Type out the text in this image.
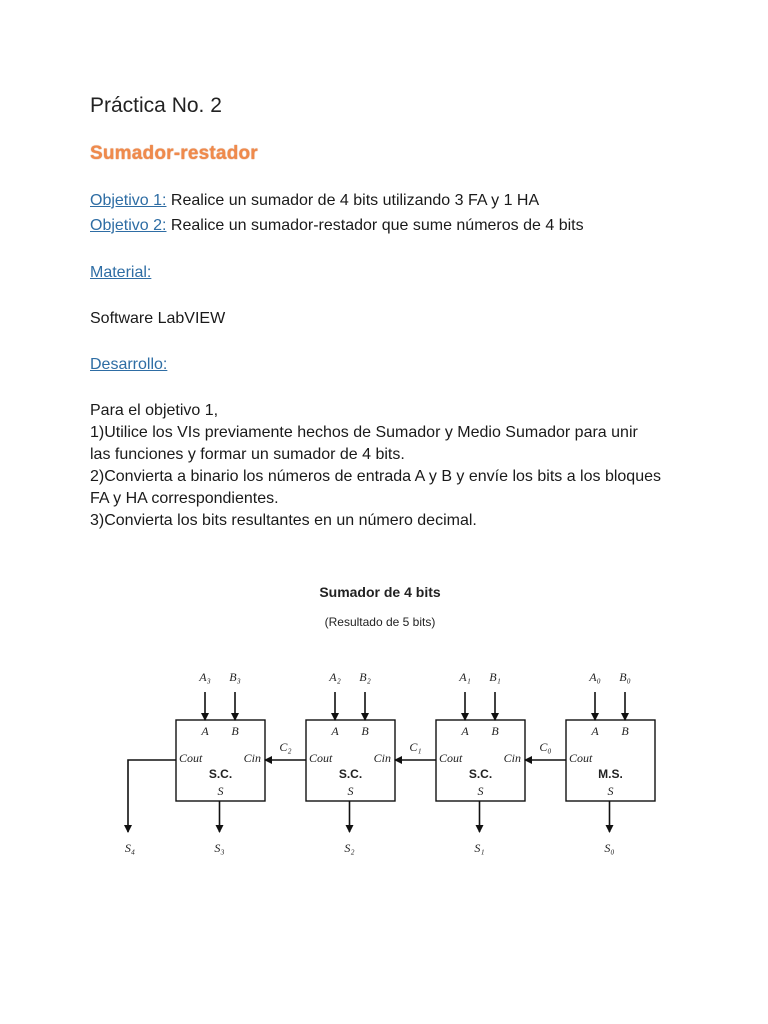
Práctica No. 2
Sumador-restador
Objetivo 1: Realice un sumador de 4 bits utilizando 3 FA y 1 HA
Objetivo 2: Realice un sumador-restador que sume números de 4 bits
Material:
Software LabVIEW
Desarrollo:
Para el objetivo 1,
1)Utilice los VIs previamente hechos de Sumador y Medio Sumador para unir
las funciones y formar un sumador de 4 bits.
2)Convierta a binario los números de entrada A y B y envíe los bits a los bloques
FA y HA correspondientes.
3)Convierta los bits resultantes en un número decimal.
Sumador de 4 bits
(Resultado de 5 bits)
A₃ B₃
A B
Cout	Cin
S.C.
S
S₃
A₂ B₂
A B
Cout	Cin
S.C.
S
S₂
A₁ B₁
A B
Cout	Cin
S.C.
S
S₁
A₀ B₀
A B
Cout
M.S.
S
S₀
C₂	C₁	C₀
S₄
